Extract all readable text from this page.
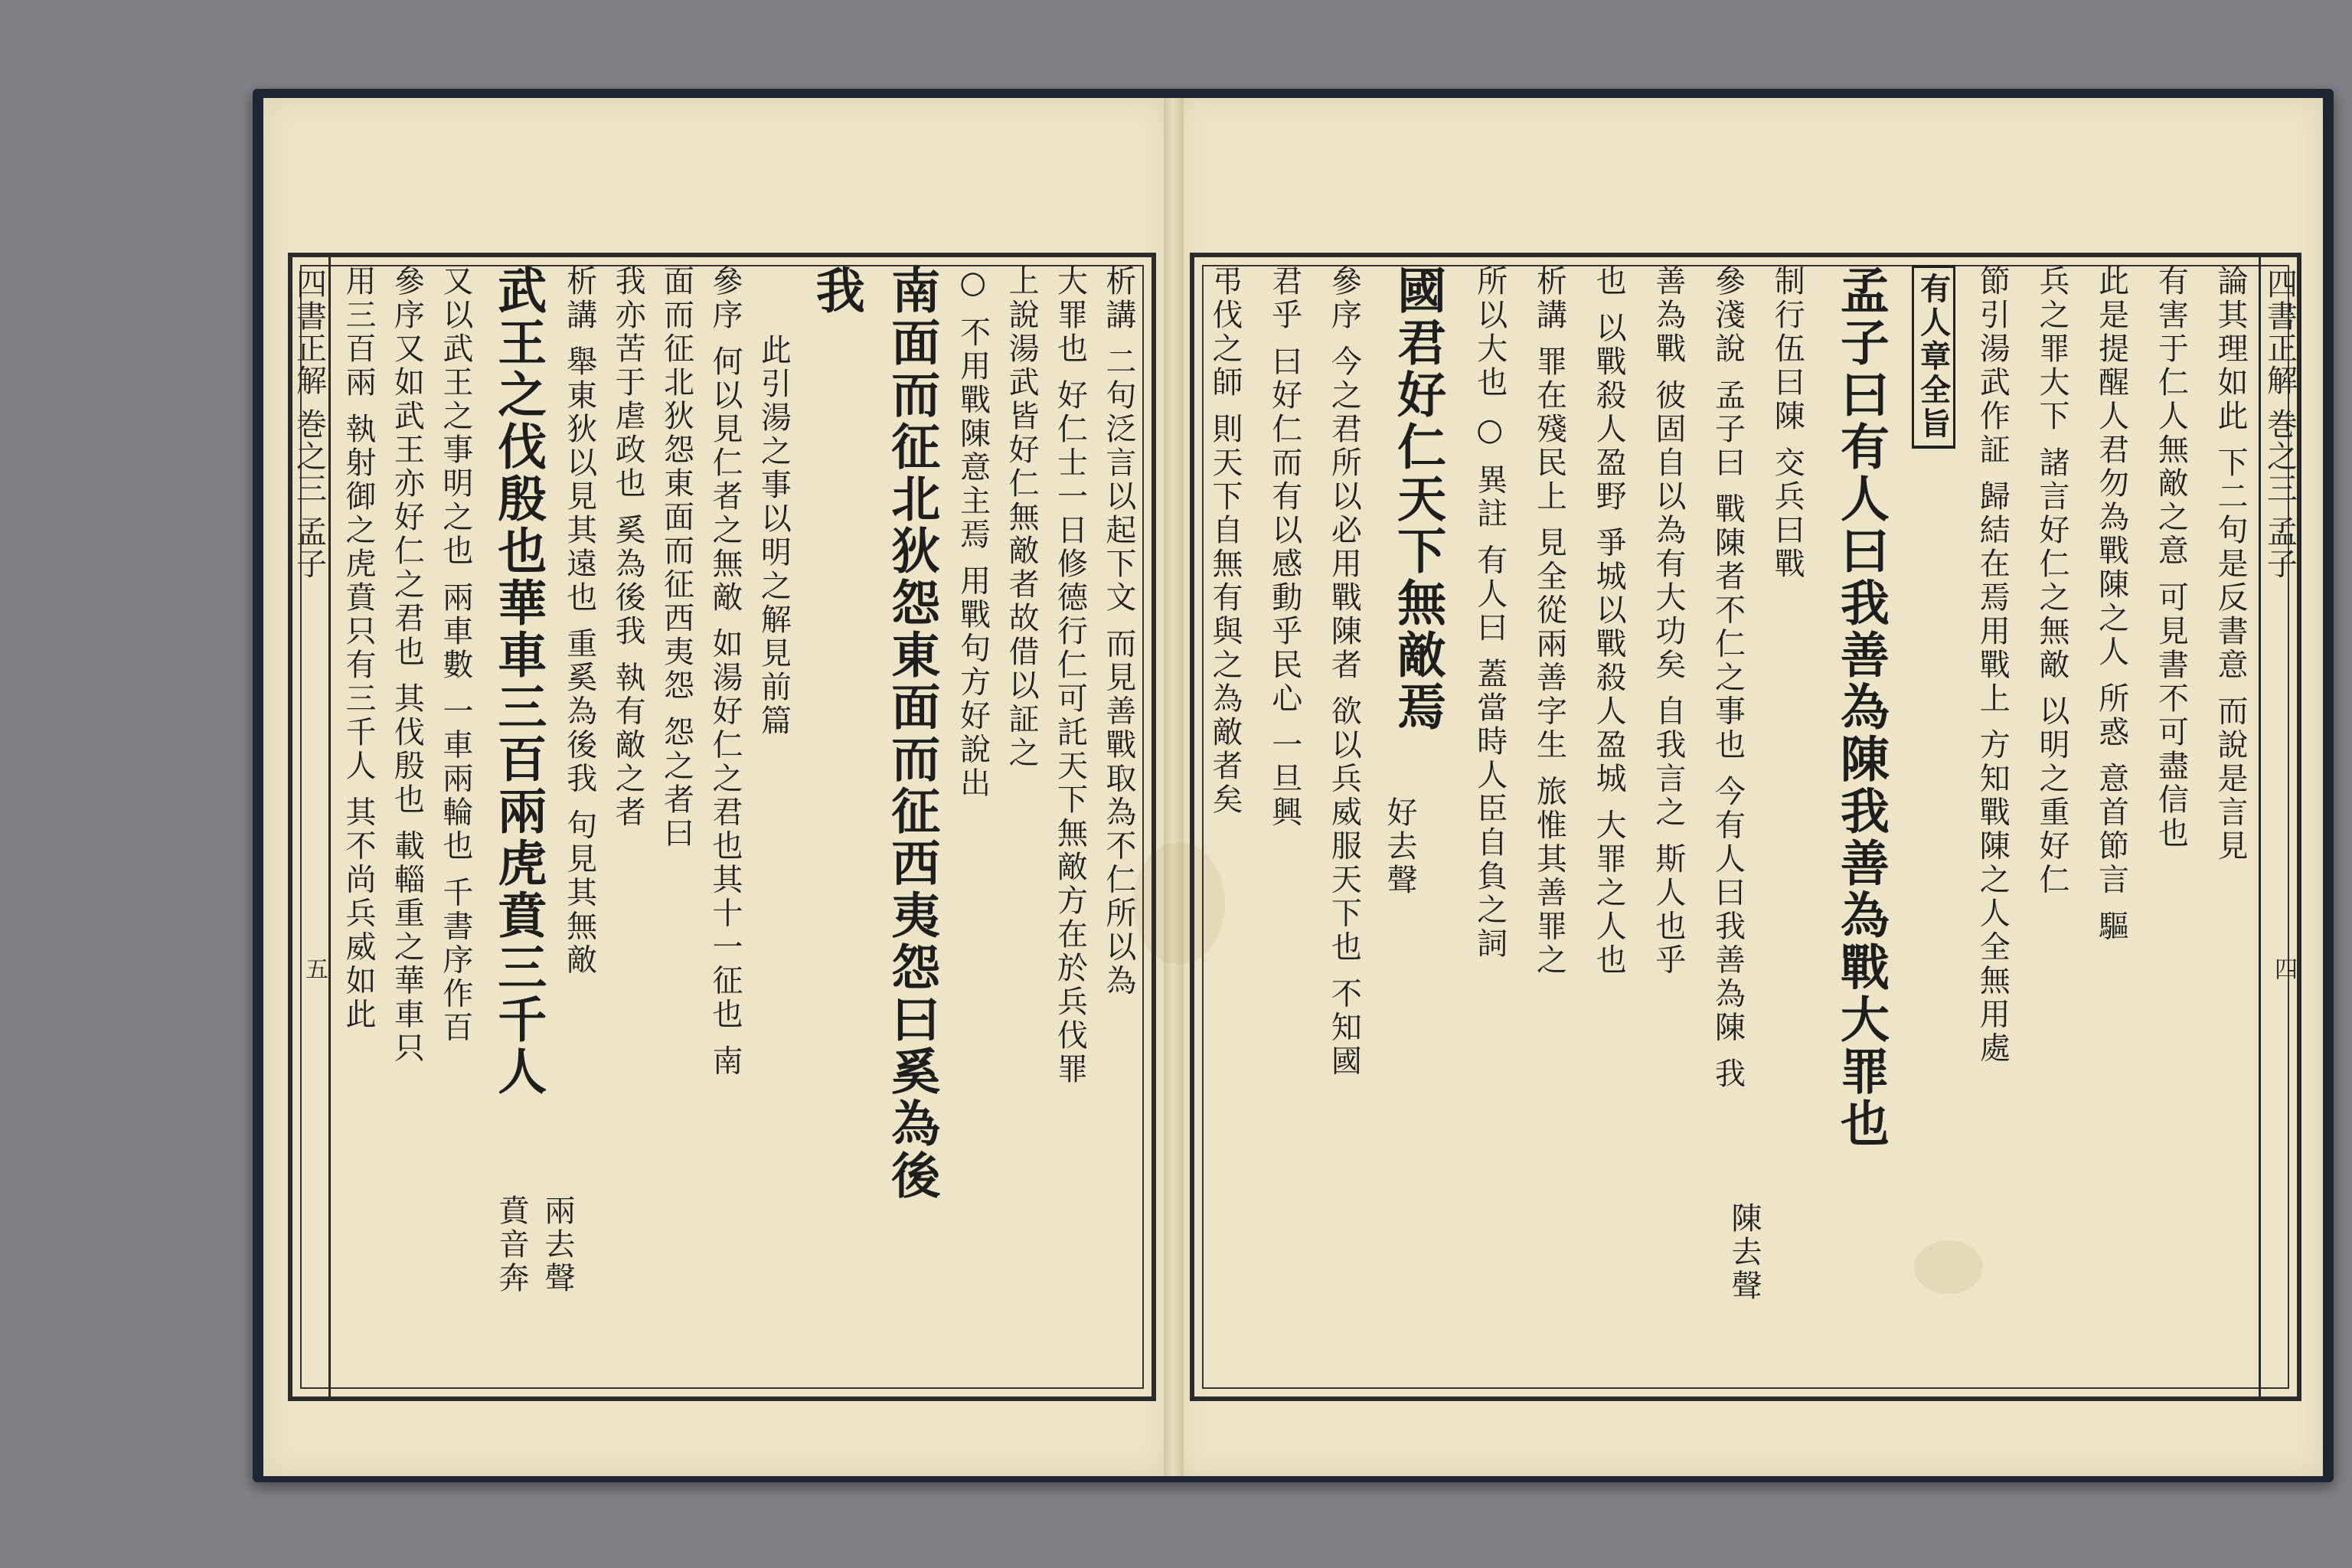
四書正解 巻之三 孟子	四書正解 巻之三 孟子
五	四
論其理如此 下二句是反書意 而說是言見
有害于仁人無敵之意 可見書不可盡信也
此是提醒人君勿為戰陳之人 所惑 意首節言 驅
兵之罪大下 諸言好仁之無敵 以明之重好仁
節引湯武作証 歸結在焉用戰上 方知戰陳之人全無用處
有人章全旨
孟子曰有人曰我善為陳我善為戰大罪也
制行伍曰陳 交兵曰戰
參淺說 孟子曰 戰陳者不仁之事也 今有人曰我善為陳 我
善為戰 彼固自以為有大功矣 自我言之 斯人也乎
也 以戰殺人盈野 爭城以戰殺人盈城 大罪之人也
析講 罪在殘民上 見全從兩善字生 旅惟其善罪之
所以大也 ○ 異註 有人曰 蓋當時人臣自負之詞
國君好仁天下無敵焉
參序 今之君所以必用戰陳者 欲以兵威服天下也 不知國
君乎 曰好仁而有以感動乎民心 一旦興
弔伐之師 則天下自無有與之為敵者矣
陳去聲
好去聲
析講 二句泛言以起下文 而見善戰取為不仁所以為
大罪也 好仁士一日修德行仁可託天下無敵方在於兵伐罪
上說湯武皆好仁無敵者故借以証之
○ 不用戰陳意主焉 用戰句方好說出
南面而征北狄怨東面而征西夷怨曰奚為後
我
此引湯之事以明之解見前篇
參序 何以見仁者之無敵 如湯好仁之君也其十一征也 南
面而征北狄怨東面而征西夷怨 怨之者曰
我亦苦于虐政也 奚為後我 執有敵之者
析講 舉東狄以見其遠也 重奚為後我 句見其無敵
武王之伐殷也華車三百兩虎賁三千人
又以武王之事明之也 兩車數 一車兩輪也 千書序作百
參序又如武王亦好仁之君也 其伐殷也 載輜重之華車只
用三百兩 執射御之虎賁只有三千人 其不尚兵威如此
兩去聲
賁音奔
